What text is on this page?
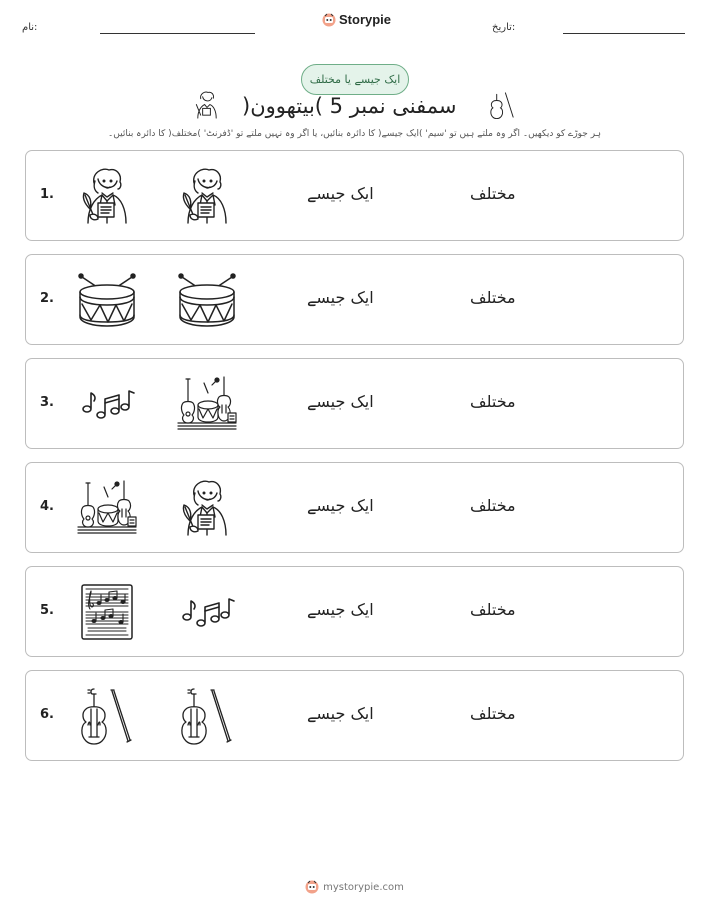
نام:
Storypie
تاریخ:
ایک جیسے یا مختلف
سمفنی نمبر 5 )بیتھوون(
ہر جوڑے کو دیکھیں۔ اگر وہ ملتے ہیں تو 'سیم' )ایک جیسے( کا دائرہ بنائیں، یا اگر وہ نہیں ملتے تو 'ڈفرنٹ' )مختلف( کا دائرہ بنائیں۔
1.	ایک جیسے	مختلف
2.	ایک جیسے	مختلف
3.	ایک جیسے	مختلف
4.	ایک جیسے	مختلف
5.	ایک جیسے	مختلف
6.	ایک جیسے	مختلف
mystorypie.com
